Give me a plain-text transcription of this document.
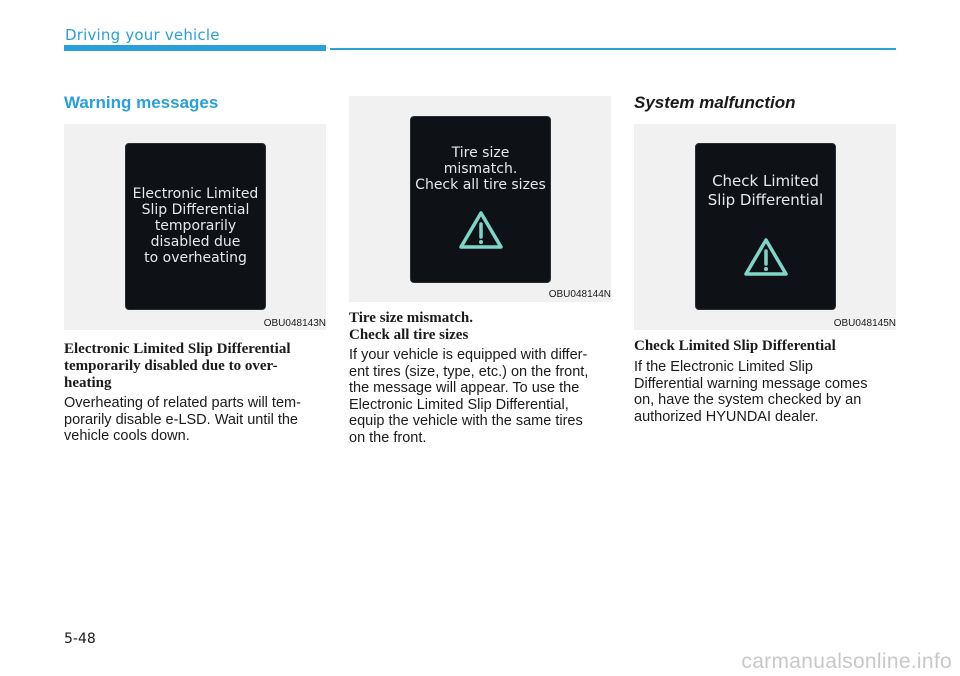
Driving your vehicle
Warning messages
Electronic Limited
Slip Differential
temporarily
disabled due
to overheating
OBU048143N
Electronic Limited Slip Differential
temporarily disabled due to over-
heating

Overheating of related parts will tem-
porarily disable e-LSD. Wait until the
vehicle cools down.

Tire size
mismatch.
Check all tire sizes
OBU048144N
Tire size mismatch.
Check all tire sizes

If your vehicle is equipped with differ-
ent tires (size, type, etc.) on the front,
the message will appear. To use the
Electronic Limited Slip Differential,
equip the vehicle with the same tires
on the front.

System malfunction
Check Limited
Slip Differential
OBU048145N
Check Limited Slip Differential

If the Electronic Limited Slip
Differential warning message comes
on, have the system checked by an
authorized HYUNDAI dealer.

5-48
carmanualsonline.info
